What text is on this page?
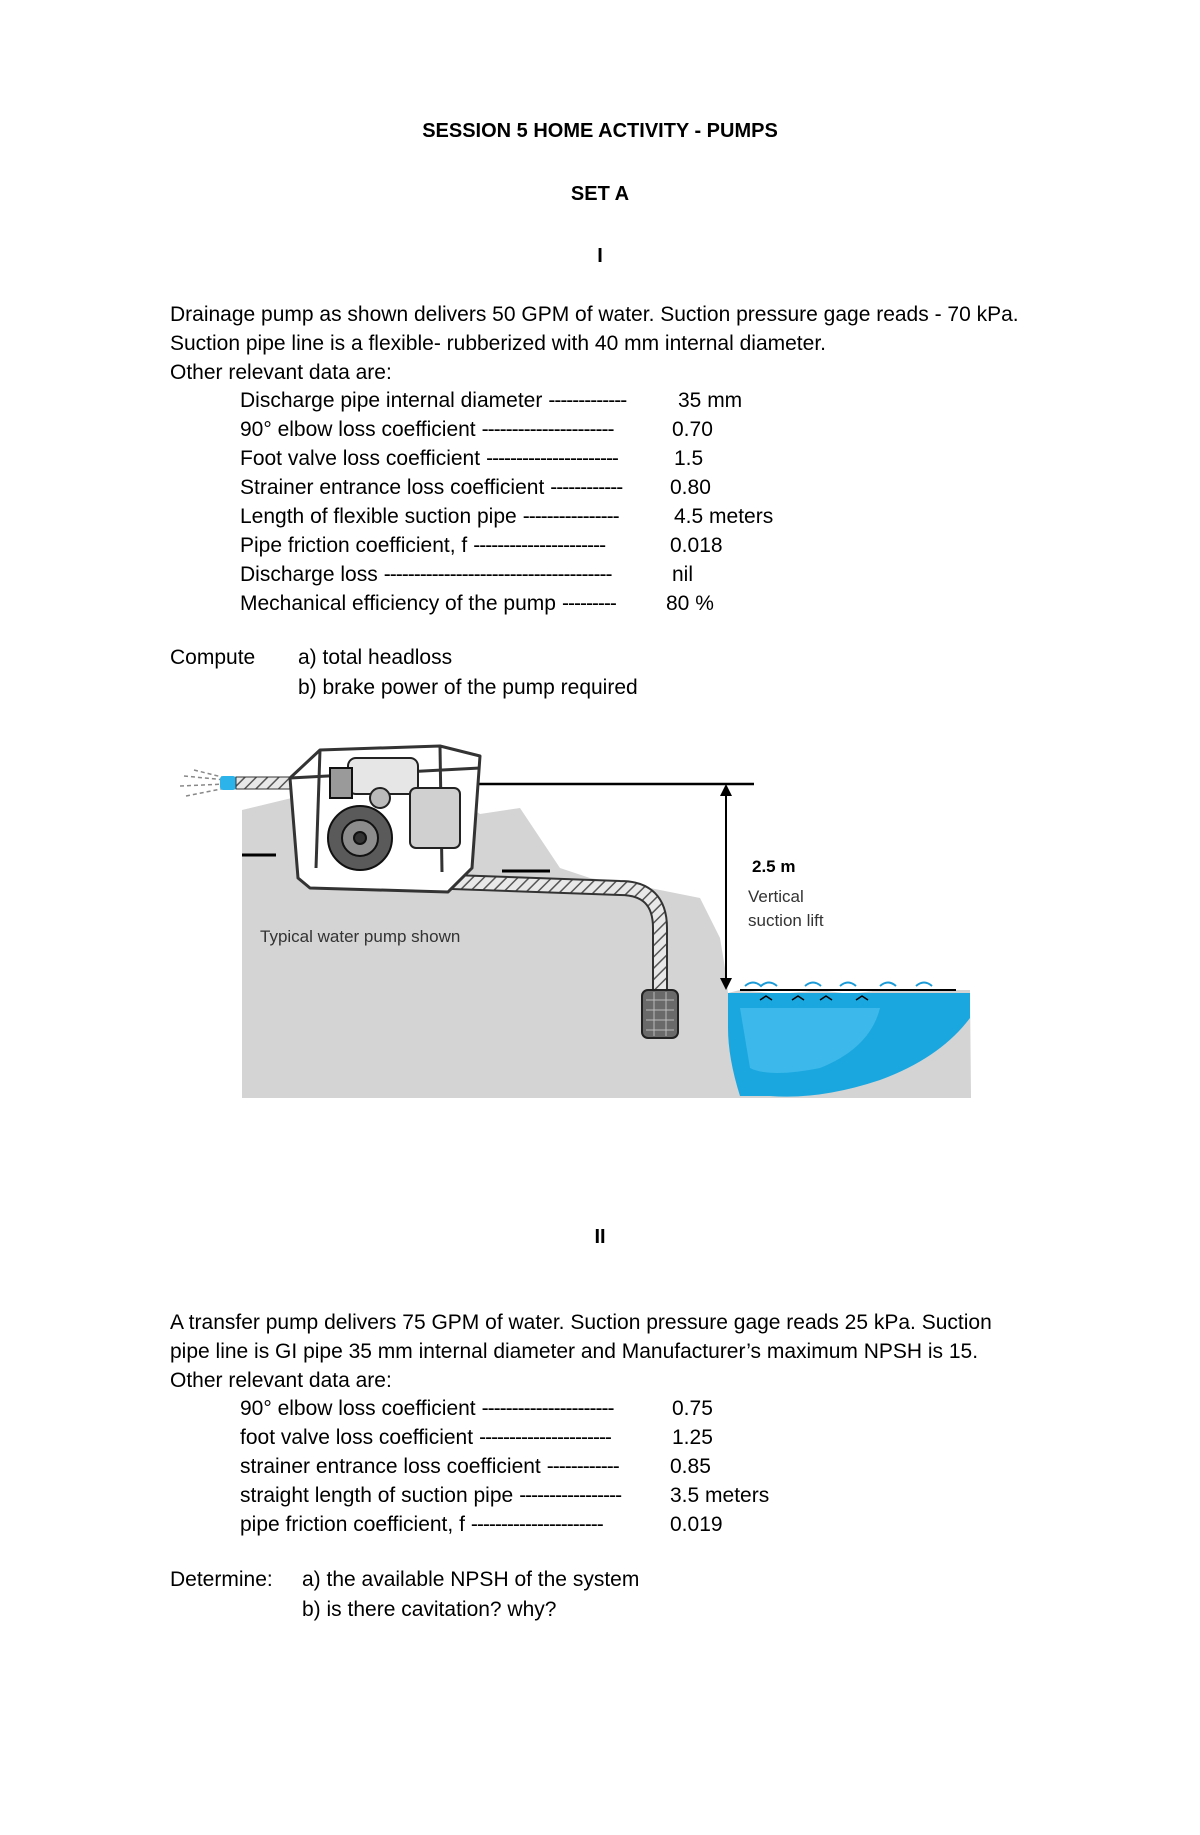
SESSION 5 HOME ACTIVITY - PUMPS
SET A
I
Drainage pump as shown delivers 50 GPM of water. Suction pressure gage reads - 70 kPa.
Suction pipe line is a flexible- rubberized with 40 mm internal diameter.
Other relevant data are:
Discharge pipe internal diameter ------------- 35 mm
90° elbow loss coefficient ----------------------	0.70
Foot valve loss coefficient ----------------------	1.5
Strainer entrance loss coefficient ------------ 0.80
Length of flexible suction pipe ----------------	4.5 meters
Pipe friction coefficient, f ----------------------	0.018
Discharge loss --------------------------------------	nil
Mechanical efficiency of the pump --------- 80 %
Compute a) total headloss
b) brake power of the pump required
Typical water pump shown
2.5 m
Vertical
suction lift
II
A transfer pump delivers 75 GPM of water. Suction pressure gage reads 25 kPa. Suction
pipe line is GI pipe 35 mm internal diameter and Manufacturer’s maximum NPSH is 15.
Other relevant data are:
90° elbow loss coefficient ----------------------	0.75
foot valve loss coefficient ----------------------	1.25
strainer entrance loss coefficient ------------ 0.85
straight length of suction pipe ----------------- 3.5 meters
pipe friction coefficient, f ----------------------	0.019
Determine: a) the available NPSH of the system
b) is there cavitation? why?
